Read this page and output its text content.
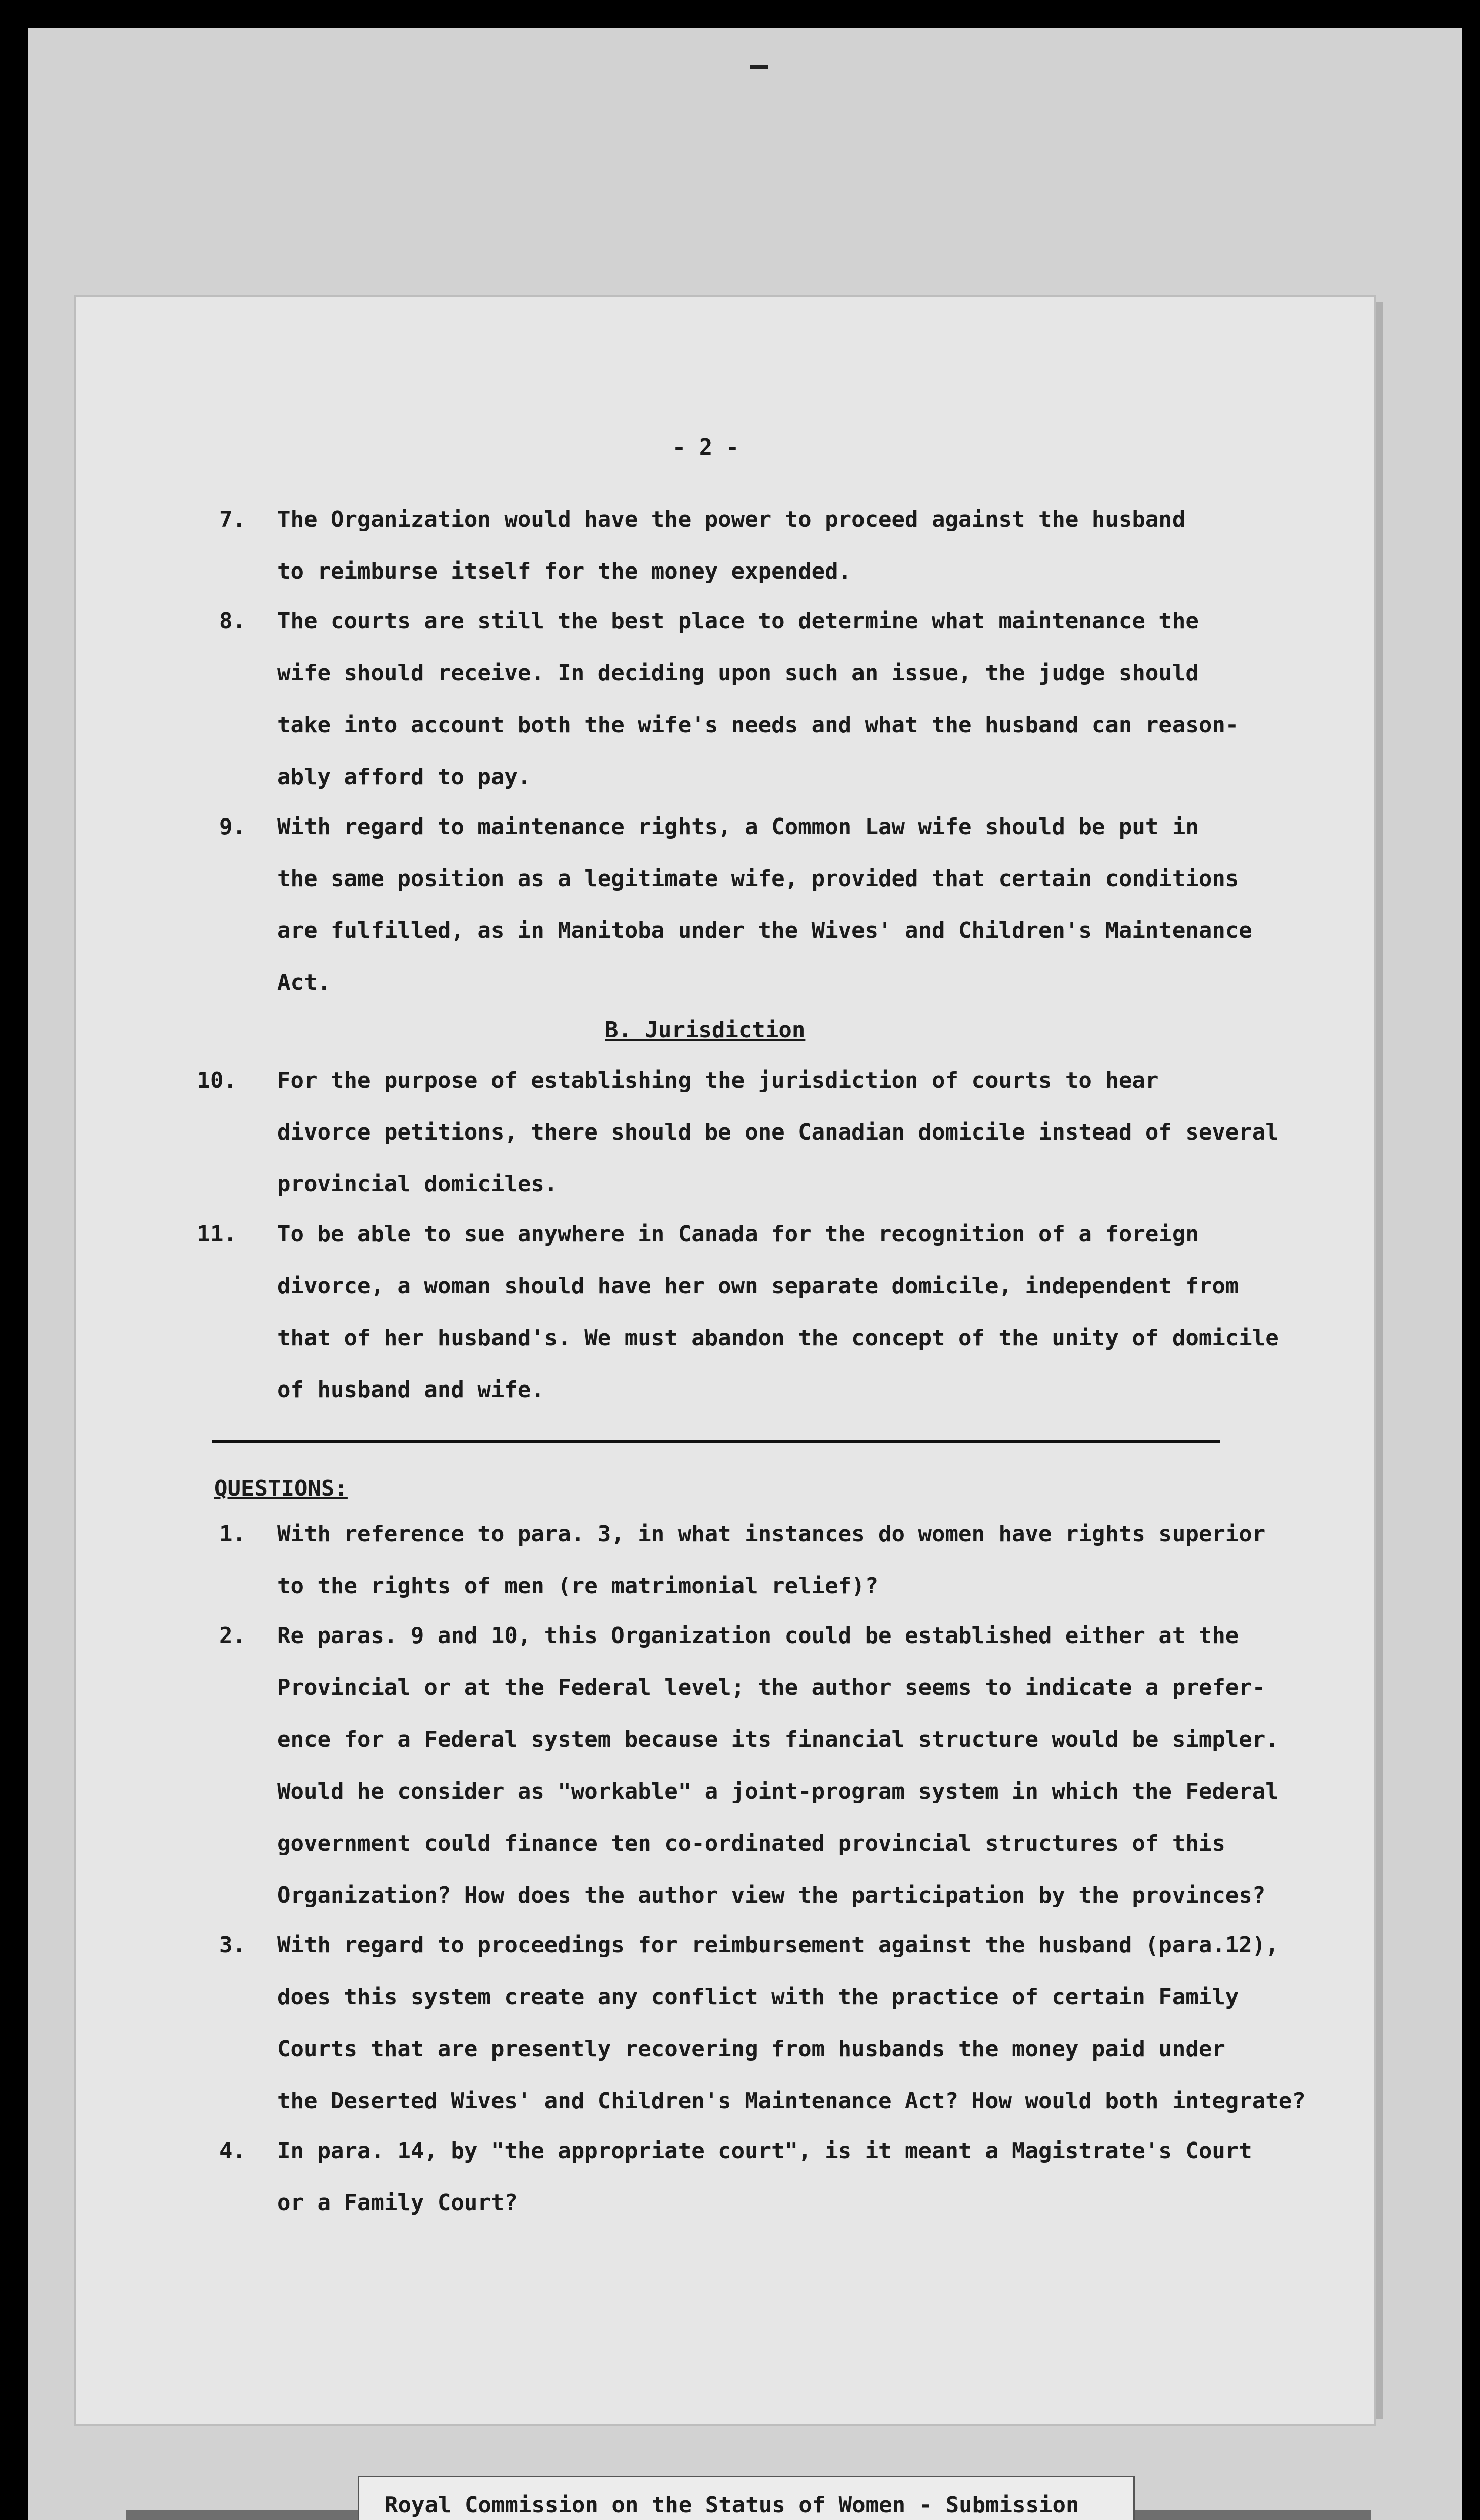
- 2 -
7. The Organization would have the power to proceed against the husband
to reimburse itself for the money expended.
8. The courts are still the best place to determine what maintenance the
wife should receive. In deciding upon such an issue, the judge should
take into account both the wife's needs and what the husband can reason-
ably afford to pay.
9. With regard to maintenance rights, a Common Law wife should be put in
the same position as a legitimate wife, provided that certain conditions
are fulfilled, as in Manitoba under the Wives' and Children's Maintenance
Act.
B. Jurisdiction
10. For the purpose of establishing the jurisdiction of courts to hear
divorce petitions, there should be one Canadian domicile instead of several
provincial domiciles.
11. To be able to sue anywhere in Canada for the recognition of a foreign
divorce, a woman should have her own separate domicile, independent from
that of her husband's. We must abandon the concept of the unity of domicile
of husband and wife.
QUESTIONS:
1. With reference to para. 3, in what instances do women have rights superior
to the rights of men (re matrimonial relief)?
2. Re paras. 9 and 10, this Organization could be established either at the
Provincial or at the Federal level; the author seems to indicate a prefer-
ence for a Federal system because its financial structure would be simpler.
Would he consider as "workable" a joint-program system in which the Federal
government could finance ten co-ordinated provincial structures of this
Organization? How does the author view the participation by the provinces?
3. With regard to proceedings for reimbursement against the husband (para.12),
does this system create any conflict with the practice of certain Family
Courts that are presently recovering from husbands the money paid under
the Deserted Wives' and Children's Maintenance Act? How would both integrate?
4. In para. 14, by "the appropriate court", is it meant a Magistrate's Court
or a Family Court?
Royal Commission on the Status of Women - Submission
